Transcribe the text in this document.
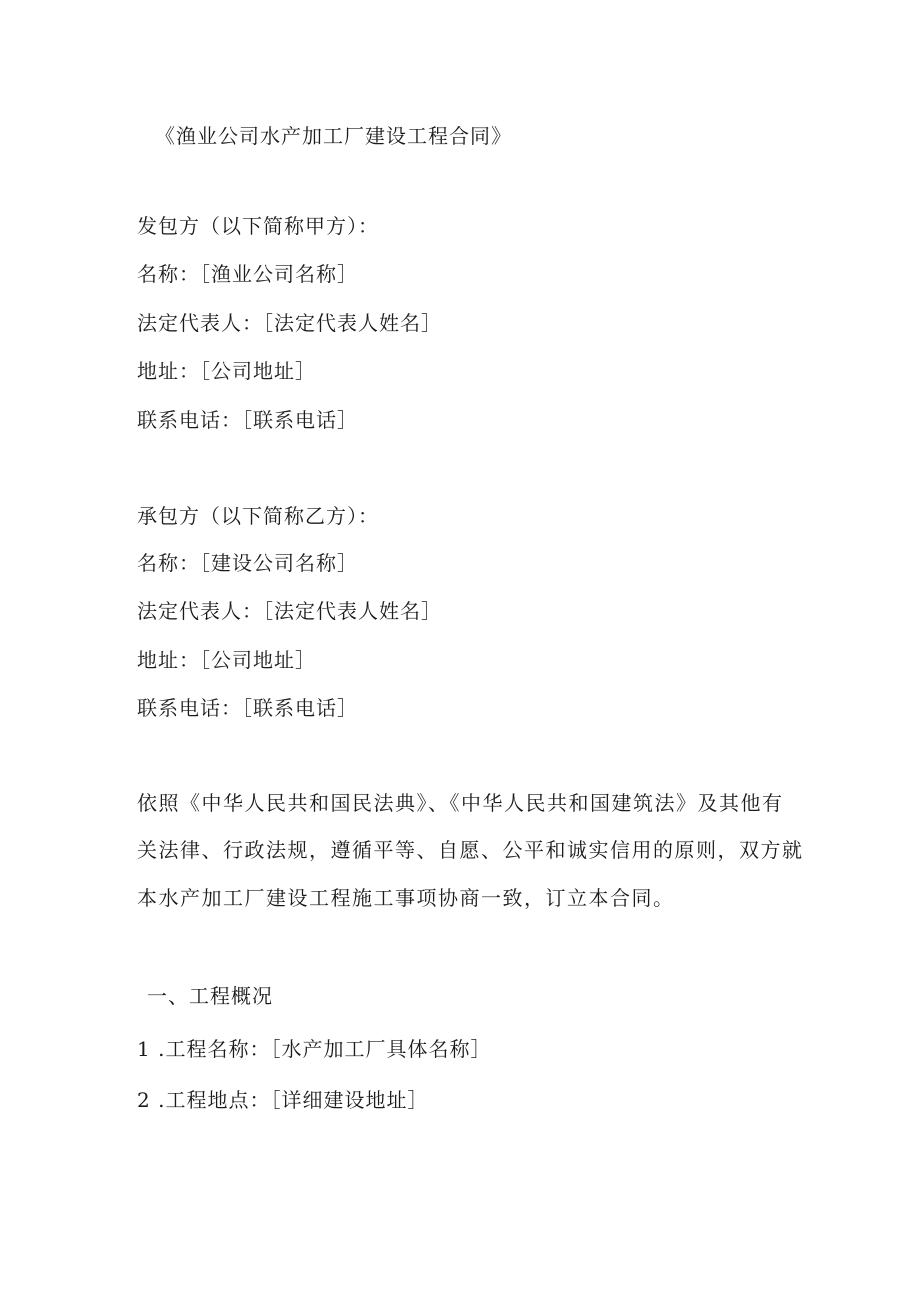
《渔业公司水产加工厂建设工程合同》
发包方（以下简称甲方）：
名称：［渔业公司名称］
法定代表人：［法定代表人姓名］
地址：［公司地址］
联系电话：［联系电话］
承包方（以下简称乙方）：
名称：［建设公司名称］
法定代表人：［法定代表人姓名］
地址：［公司地址］
联系电话：［联系电话］
依照《中华人民共和国民法典》、《中华人民共和国建筑法》及其他有
关法律、行政法规，遵循平等、自愿、公平和诚实信用的原则，双方就
本水产加工厂建设工程施工事项协商一致，订立本合同。
一、工程概况
1 .工程名称：［水产加工厂具体名称］
2 .工程地点：［详细建设地址］
